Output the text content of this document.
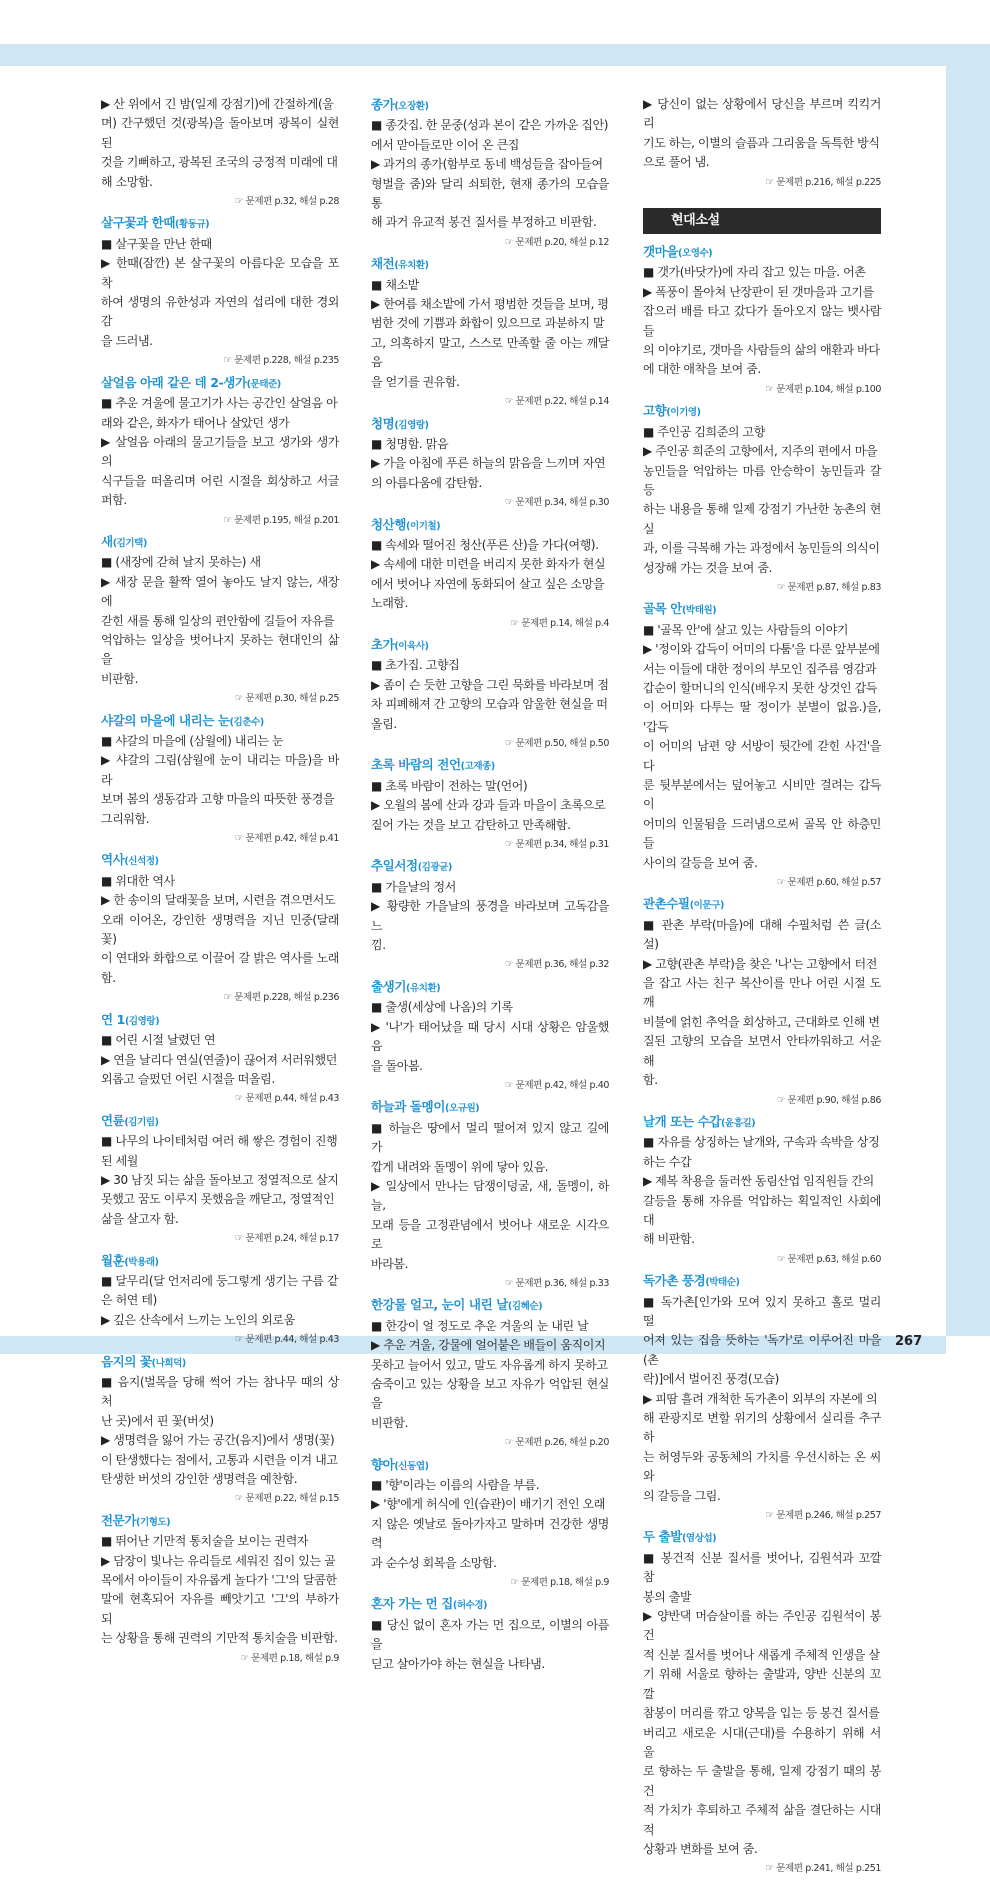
267
▶ 산 위에서 긴 밤(일제 강점기)에 간절하게(울
며) 간구했던 것(광복)을 돌아보며 광복이 실현된
것을 기뻐하고, 광복된 조국의 긍정적 미래에 대
해 소망함.
☞ 문제편 p.32, 해설 p.28
살구꽃과 한때(황동규)
■ 살구꽃을 만난 한때
▶ 한때(잠깐) 본 살구꽃의 아름다운 모습을 포착
하여 생명의 유한성과 자연의 섭리에 대한 경외감
을 드러냄.
☞ 문제편 p.228, 해설 p.235
살얼음 아래 같은 데 2-생가(문태준)
■ 추운 겨울에 물고기가 사는 공간인 살얼음 아
래와 같은, 화자가 태어나 살았던 생가
▶ 살얼음 아래의 물고기들을 보고 생가와 생가의
식구들을 떠올리며 어린 시절을 회상하고 서글퍼함.
☞ 문제편 p.195, 해설 p.201
새(김기택)
■ (새장에 갇혀 날지 못하는) 새
▶ 새장 문을 활짝 열어 놓아도 날지 않는, 새장에
갇힌 새를 통해 일상의 편안함에 길들어 자유를
억압하는 일상을 벗어나지 못하는 현대인의 삶을
비판함.
☞ 문제편 p.30, 해설 p.25
샤갈의 마을에 내리는 눈(김춘수)
■ 샤갈의 마을에 (삼월에) 내리는 눈
▶ 샤갈의 그림(삼월에 눈이 내리는 마을)을 바라
보며 봄의 생동감과 고향 마을의 따뜻한 풍경을
그리워함.
☞ 문제편 p.42, 해설 p.41
역사(신석정)
■ 위대한 역사
▶ 한 송이의 달래꽃을 보며, 시련을 겪으면서도
오래 이어온, 강인한 생명력을 지닌 민중(달래꽃)
이 연대와 화합으로 이끌어 갈 밝은 역사를 노래함.
☞ 문제편 p.228, 해설 p.236
연 1(김영랑)
■ 어린 시절 날렸던 연
▶ 연을 날리다 연실(연줄)이 끊어져 서러워했던
외롭고 슬펐던 어린 시절을 떠올림.
☞ 문제편 p.44, 해설 p.43
연륜(김기림)
■ 나무의 나이테처럼 여러 해 쌓은 경험이 진행
된 세월
▶ 30 남짓 되는 삶을 돌아보고 정열적으로 살지
못했고 꿈도 이루지 못했음을 깨닫고, 정열적인
삶을 살고자 함.
☞ 문제편 p.24, 해설 p.17
월훈(박용래)
■ 달무리(달 언저리에 둥그렇게 생기는 구름 같
은 허연 테)
▶ 깊은 산속에서 느끼는 노인의 외로움
☞ 문제편 p.44, 해설 p.43
음지의 꽃(나희덕)
■ 음지(벌목을 당해 썩어 가는 참나무 때의 상처
난 곳)에서 핀 꽃(버섯)
▶ 생명력을 잃어 가는 공간(음지)에서 생명(꽃)
이 탄생했다는 점에서, 고통과 시련을 이겨 내고
탄생한 버섯의 강인한 생명력을 예찬함.
☞ 문제편 p.22, 해설 p.15
전문가(기형도)
■ 뛰어난 기만적 통치술을 보이는 권력자
▶ 담장이 빛나는 유리들로 세워진 집이 있는 골
목에서 아이들이 자유롭게 놀다가 '그'의 달콤한
말에 현혹되어 자유를 빼앗기고 '그'의 부하가 되
는 상황을 통해 권력의 기만적 통치술을 비판함.
☞ 문제편 p.18, 해설 p.9
종가(오장환)
■ 종갓집. 한 문중(성과 본이 같은 가까운 집안)
에서 맏아들로만 이어 온 큰집
▶ 과거의 종가(함부로 동네 백성들을 잡아들여
형벌을 줌)와 달리 쇠퇴한, 현재 종가의 모습을 통
해 과거 유교적 봉건 질서를 부정하고 비판함.
☞ 문제편 p.20, 해설 p.12
채전(유치환)
■ 채소밭
▶ 한여름 채소밭에 가서 평범한 것들을 보며, 평
범한 것에 기쁨과 화합이 있으므로 과분하지 말
고, 의혹하지 말고, 스스로 만족할 줄 아는 깨달음
을 얻기를 권유함.
☞ 문제편 p.22, 해설 p.14
청명(김영랑)
■ 청명함. 맑음
▶ 가을 아침에 푸른 하늘의 맑음을 느끼며 자연
의 아름다움에 감탄함.
☞ 문제편 p.34, 해설 p.30
청산행(이기철)
■ 속세와 떨어진 청산(푸른 산)을 가다(여행).
▶ 속세에 대한 미련을 버리지 못한 화자가 현실
에서 벗어나 자연에 동화되어 살고 싶은 소망을
노래함.
☞ 문제편 p.14, 해설 p.4
초가(이육사)
■ 초가집. 고향집
▶ 좀이 슨 듯한 고향을 그린 묵화를 바라보며 점
차 피폐해져 간 고향의 모습과 암울한 현실을 떠
올림.
☞ 문제편 p.50, 해설 p.50
초록 바람의 전언(고재종)
■ 초록 바람이 전하는 말(언어)
▶ 오월의 봄에 산과 강과 들과 마을이 초록으로
짙어 가는 것을 보고 감탄하고 만족해함.
☞ 문제편 p.34, 해설 p.31
추일서정(김광균)
■ 가을날의 정서
▶ 황량한 가을날의 풍경을 바라보며 고독감을 느
낌.
☞ 문제편 p.36, 해설 p.32
출생기(유치환)
■ 출생(세상에 나옴)의 기록
▶ '나'가 태어났을 때 당시 시대 상황은 암울했음
을 돌아봄.
☞ 문제편 p.42, 해설 p.40
하늘과 돌멩이(오규원)
■ 하늘은 땅에서 멀리 떨어져 있지 않고 길에 가
깝게 내려와 돌멩이 위에 닿아 있음.
▶ 일상에서 만나는 담쟁이덩굴, 새, 돌멩이, 하늘,
모래 등을 고정관념에서 벗어나 새로운 시각으로
바라봄.
☞ 문제편 p.36, 해설 p.33
한강물 얼고, 눈이 내린 날(김혜순)
■ 한강이 얼 정도로 추운 겨울의 눈 내린 날
▶ 추운 겨울, 강물에 얼어붙은 배들이 움직이지
못하고 늘어서 있고, 말도 자유롭게 하지 못하고
숨죽이고 있는 상황을 보고 자유가 억압된 현실을
비판함.
☞ 문제편 p.26, 해설 p.20
향아(신동엽)
■ '향'이라는 이름의 사람을 부름.
▶ '향'에게 허식에 인(습관)이 배기기 전인 오래
지 않은 옛날로 돌아가자고 말하며 건강한 생명력
과 순수성 회복을 소망함.
☞ 문제편 p.18, 해설 p.9
혼자 가는 먼 집(허수경)
■ 당신 없이 혼자 가는 먼 집으로, 이별의 아픔을
딛고 살아가야 하는 현실을 나타냄.
▶ 당신이 없는 상황에서 당신을 부르며 킥킥거리
기도 하는, 이별의 슬픔과 그리움을 독특한 방식
으로 풀어 냄.
☞ 문제편 p.216, 해설 p.225
현대소설
갯마을(오영수)
■ 갯가(바닷가)에 자리 잡고 있는 마을. 어촌
▶ 폭풍이 몰아쳐 난장판이 된 갯마을과 고기를
잡으러 배를 타고 갔다가 돌아오지 않는 뱃사람들
의 이야기로, 갯마을 사람들의 삶의 애환과 바다
에 대한 애착을 보여 줌.
☞ 문제편 p.104, 해설 p.100
고향(이기영)
■ 주인공 김희준의 고향
▶ 주인공 희준의 고향에서, 지주의 편에서 마을
농민들을 억압하는 마름 안승학이 농민들과 갈등
하는 내용을 통해 일제 강점기 가난한 농촌의 현실
과, 이를 극복해 가는 과정에서 농민들의 의식이
성장해 가는 것을 보여 줌.
☞ 문제편 p.87, 해설 p.83
골목 안(박태원)
■ '골목 안'에 살고 있는 사람들의 이야기
▶ '정이와 갑득이 어미의 다툼'을 다룬 앞부분에
서는 이들에 대한 정이의 부모인 집주름 영감과
갑순이 할머니의 인식(배우지 못한 상것인 갑득
이 어미와 다투는 딸 정이가 분별이 없음.)을, '갑득
이 어미의 남편 양 서방이 뒷간에 갇힌 사건'을 다
룬 뒷부분에서는 덮어놓고 시비만 걸려는 갑득이
어미의 인물됨을 드러냄으로써 골목 안 하층민들
사이의 갈등을 보여 줌.
☞ 문제편 p.60, 해설 p.57
관촌수필(이문구)
■ 관촌 부락(마을)에 대해 수필처럼 쓴 글(소설)
▶ 고향(관촌 부락)을 찾은 '나'는 고향에서 터전
을 잡고 사는 친구 복산이를 만나 어린 시절 도깨
비불에 얽힌 추억을 회상하고, 근대화로 인해 변
질된 고향의 모습을 보면서 안타까워하고 서운해
함.
☞ 문제편 p.90, 해설 p.86
날개 또는 수갑(윤흥길)
■ 자유를 상징하는 날개와, 구속과 속박을 상징
하는 수갑
▶ 제복 착용을 둘러싼 동림산업 임직원들 간의
갈등을 통해 자유를 억압하는 획일적인 사회에 대
해 비판함.
☞ 문제편 p.63, 해설 p.60
독가촌 풍경(박태순)
■ 독가촌[인가와 모여 있지 못하고 홀로 멀리 떨
어져 있는 집을 뜻하는 '독가'로 이루어진 마을(촌
락)]에서 벌어진 풍경(모습)
▶ 피땀 흘려 개척한 독가촌이 외부의 자본에 의
해 관광지로 변할 위기의 상황에서 실리를 추구하
는 허영두와 공동체의 가치를 우선시하는 온 씨와
의 갈등을 그림.
☞ 문제편 p.246, 해설 p.257
두 출발(염상섭)
■ 봉건적 신분 질서를 벗어나, 김원석과 꼬깔 참
봉의 출발
▶ 양반댁 머슴살이를 하는 주인공 김원석이 봉건
적 신분 질서를 벗어나 새롭게 주체적 인생을 살
기 위해 서울로 향하는 출발과, 양반 신분의 꼬깔
참봉이 머리를 깎고 양복을 입는 등 봉건 질서를
버리고 새로운 시대(근대)를 수용하기 위해 서울
로 향하는 두 출발을 통해, 일제 강점기 때의 봉건
적 가치가 후퇴하고 주체적 삶을 결단하는 시대적
상황과 변화를 보여 줌.
☞ 문제편 p.241, 해설 p.251
